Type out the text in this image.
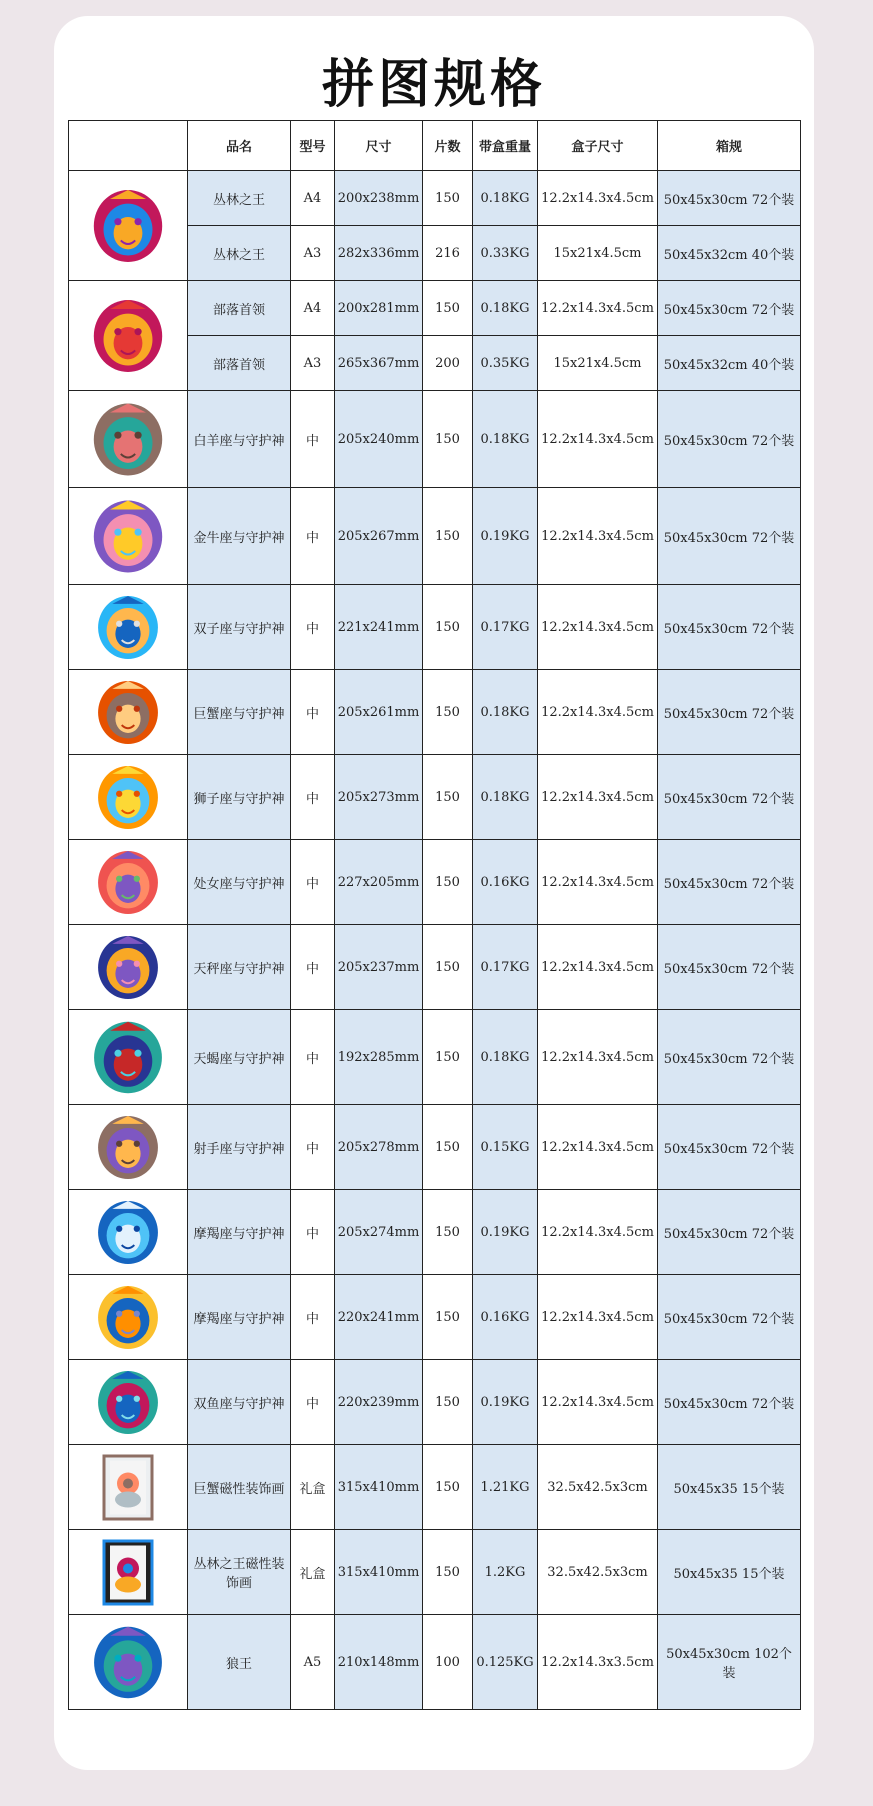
拼图规格
	品名	型号	尺寸	片数	带盒重量	盒子尺寸	箱规

	丛林之王	A4	200x238mm	150	0.18KG	12.2x14.3x4.5cm	50x45x30cm 72个装
	丛林之王	A3	282x336mm	216	0.33KG	15x21x4.5cm	50x45x32cm 40个装

	部落首领	A4	200x281mm	150	0.18KG	12.2x14.3x4.5cm	50x45x30cm 72个装
	部落首领	A3	265x367mm	200	0.35KG	15x21x4.5cm	50x45x32cm 40个装

	白羊座与守护神	中	205x240mm	150	0.18KG	12.2x14.3x4.5cm	50x45x30cm 72个装

	金牛座与守护神	中	205x267mm	150	0.19KG	12.2x14.3x4.5cm	50x45x30cm 72个装

	双子座与守护神	中	221x241mm	150	0.17KG	12.2x14.3x4.5cm	50x45x30cm 72个装

	巨蟹座与守护神	中	205x261mm	150	0.18KG	12.2x14.3x4.5cm	50x45x30cm 72个装

	狮子座与守护神	中	205x273mm	150	0.18KG	12.2x14.3x4.5cm	50x45x30cm 72个装

	处女座与守护神	中	227x205mm	150	0.16KG	12.2x14.3x4.5cm	50x45x30cm 72个装

	天秤座与守护神	中	205x237mm	150	0.17KG	12.2x14.3x4.5cm	50x45x30cm 72个装

	天蝎座与守护神	中	192x285mm	150	0.18KG	12.2x14.3x4.5cm	50x45x30cm 72个装

	射手座与守护神	中	205x278mm	150	0.15KG	12.2x14.3x4.5cm	50x45x30cm 72个装

	摩羯座与守护神	中	205x274mm	150	0.19KG	12.2x14.3x4.5cm	50x45x30cm 72个装

	摩羯座与守护神	中	220x241mm	150	0.16KG	12.2x14.3x4.5cm	50x45x30cm 72个装

	双鱼座与守护神	中	220x239mm	150	0.19KG	12.2x14.3x4.5cm	50x45x30cm 72个装

	巨蟹磁性装饰画	礼盒	315x410mm	150	1.21KG	32.5x42.5x3cm	50x45x35 15个装

	丛林之王磁性装饰画	礼盒	315x410mm	150	1.2KG	32.5x42.5x3cm	50x45x35 15个装

	狼王	A5	210x148mm	100	0.125KG	12.2x14.3x3.5cm	50x45x30cm 102个装
